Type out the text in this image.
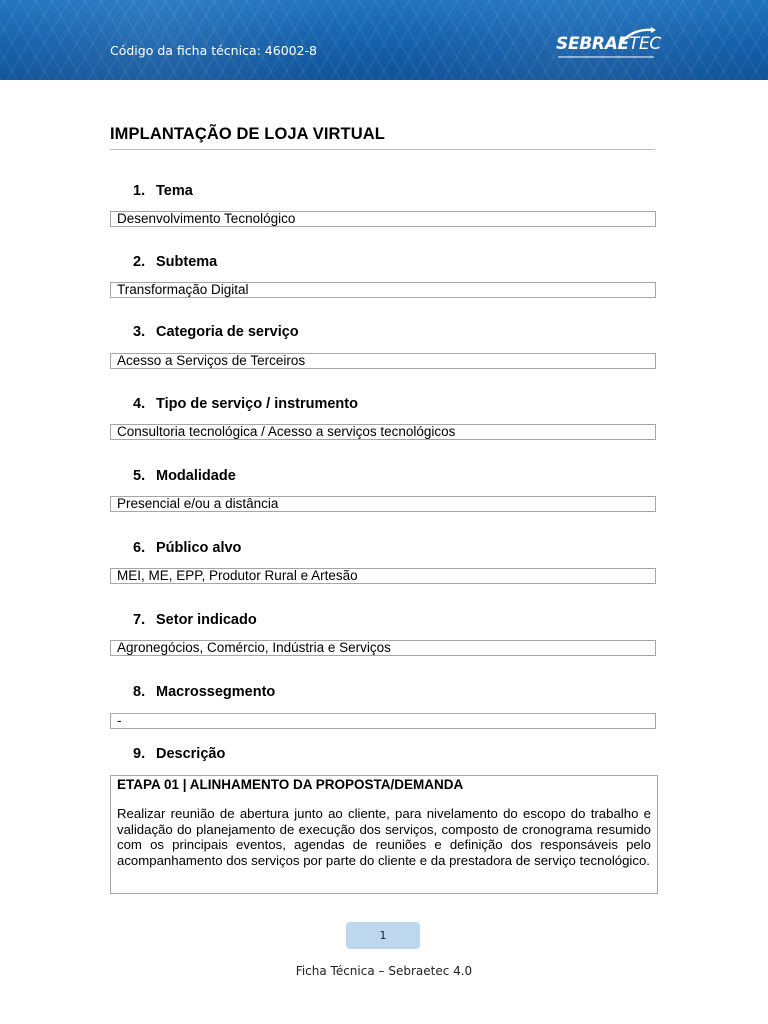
Código da ficha técnica: 46002-8	SEBRAETEC
IMPLANTAÇÃO DE LOJA VIRTUAL
1. Tema
Desenvolvimento Tecnológico
2. Subtema
Transformação Digital
3. Categoria de serviço
Acesso a Serviços de Terceiros
4. Tipo de serviço / instrumento
Consultoria tecnológica / Acesso a serviços tecnológicos
5. Modalidade
Presencial e/ou a distância
6. Público alvo
MEI, ME, EPP, Produtor Rural e Artesão
7. Setor indicado
Agronegócios, Comércio, Indústria e Serviços
8. Macrossegmento
-
9. Descrição
ETAPA 01 | ALINHAMENTO DA PROPOSTA/DEMANDA
Realizar reunião de abertura junto ao cliente, para nivelamento do escopo do trabalho e validação do planejamento de execução dos serviços, composto de cronograma resumido com os principais eventos, agendas de reuniões e definição dos responsáveis pelo acompanhamento dos serviços por parte do cliente e da prestadora de serviço tecnológico.
1
Ficha Técnica – Sebraetec 4.0
